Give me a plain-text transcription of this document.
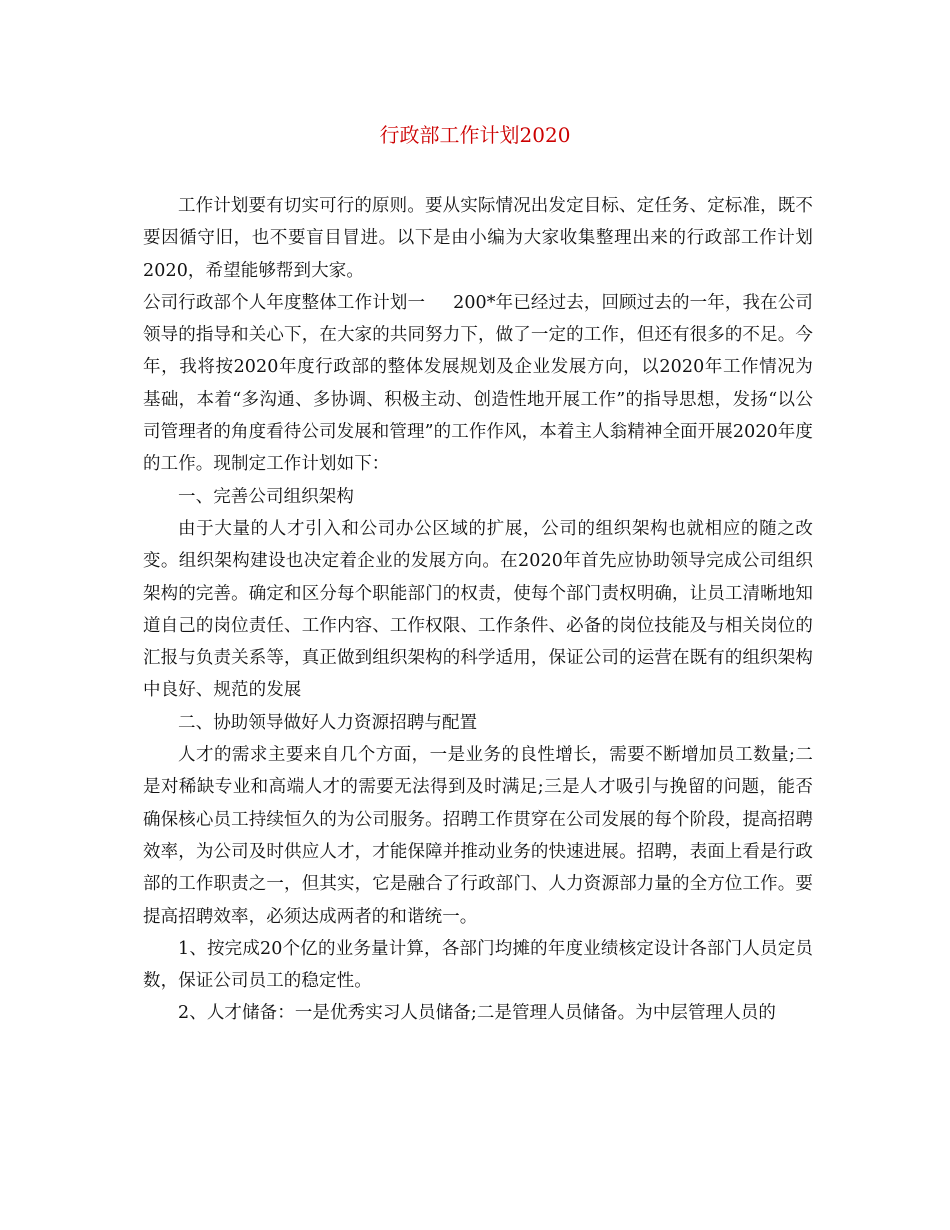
行政部工作计划2020

工作计划要有切实可行的原则。要从实际情况出发定目标、定任务、定标准，既不要因循守旧，也不要盲目冒进。以下是由小编为大家收集整理出来的行政部工作计划2020，希望能够帮到大家。

公司行政部个人年度整体工作计划一 200*年已经过去，回顾过去的一年，我在公司领导的指导和关心下，在大家的共同努力下，做了一定的工作，但还有很多的不足。今年，我将按2020年度行政部的整体发展规划及企业发展方向，以2020年工作情况为基础，本着“多沟通、多协调、积极主动、创造性地开展工作”的指导思想，发扬“以公司管理者的角度看待公司发展和管理”的工作作风，本着主人翁精神全面开展2020年度的工作。现制定工作计划如下：

一、完善公司组织架构

由于大量的人才引入和公司办公区域的扩展，公司的组织架构也就相应的随之改变。组织架构建设也决定着企业的发展方向。在2020年首先应协助领导完成公司组织架构的完善。确定和区分每个职能部门的权责，使每个部门责权明确，让员工清晰地知道自己的岗位责任、工作内容、工作权限、工作条件、必备的岗位技能及与相关岗位的汇报与负责关系等，真正做到组织架构的科学适用，保证公司的运营在既有的组织架构中良好、规范的发展

二、协助领导做好人力资源招聘与配置

人才的需求主要来自几个方面，一是业务的良性增长，需要不断增加员工数量;二是对稀缺专业和高端人才的需要无法得到及时满足;三是人才吸引与挽留的问题，能否确保核心员工持续恒久的为公司服务。招聘工作贯穿在公司发展的每个阶段，提高招聘效率，为公司及时供应人才，才能保障并推动业务的快速进展。招聘，表面上看是行政部的工作职责之一，但其实，它是融合了行政部门、人力资源部力量的全方位工作。要提高招聘效率，必须达成两者的和谐统一。

1、按完成20个亿的业务量计算，各部门均摊的年度业绩核定设计各部门人员定员数，保证公司员工的稳定性。

2、人才储备：一是优秀实习人员储备;二是管理人员储备。为中层管理人员的
